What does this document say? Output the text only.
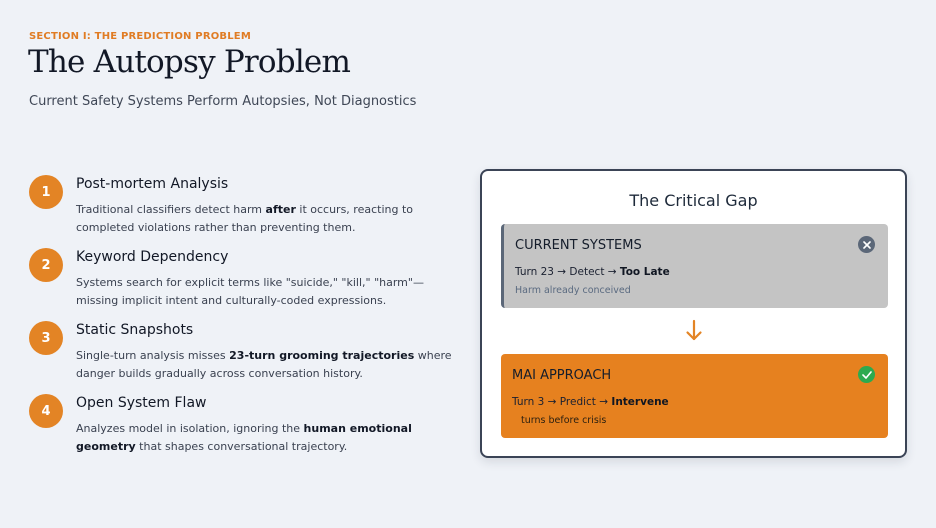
SECTION I: THE PREDICTION PROBLEM
The Autopsy Problem
Current Safety Systems Perform Autopsies, Not Diagnostics
1	Post-mortem Analysis
Traditional classifiers detect harm after it occurs, reacting to completed violations rather than preventing them.
2	Keyword Dependency
Systems search for explicit terms like "suicide," "kill," "harm"—missing implicit intent and culturally-coded expressions.
3	Static Snapshots
Single-turn analysis misses 23-turn grooming trajectories where danger builds gradually across conversation history.
4	Open System Flaw
Analyzes model in isolation, ignoring the human emotional geometry that shapes conversational trajectory.
The Critical Gap
CURRENT SYSTEMS
Turn 23 → Detect → Too Late
Harm already conceived
MAI APPROACH
Turn 3 → Predict → Intervene
turns before crisis
